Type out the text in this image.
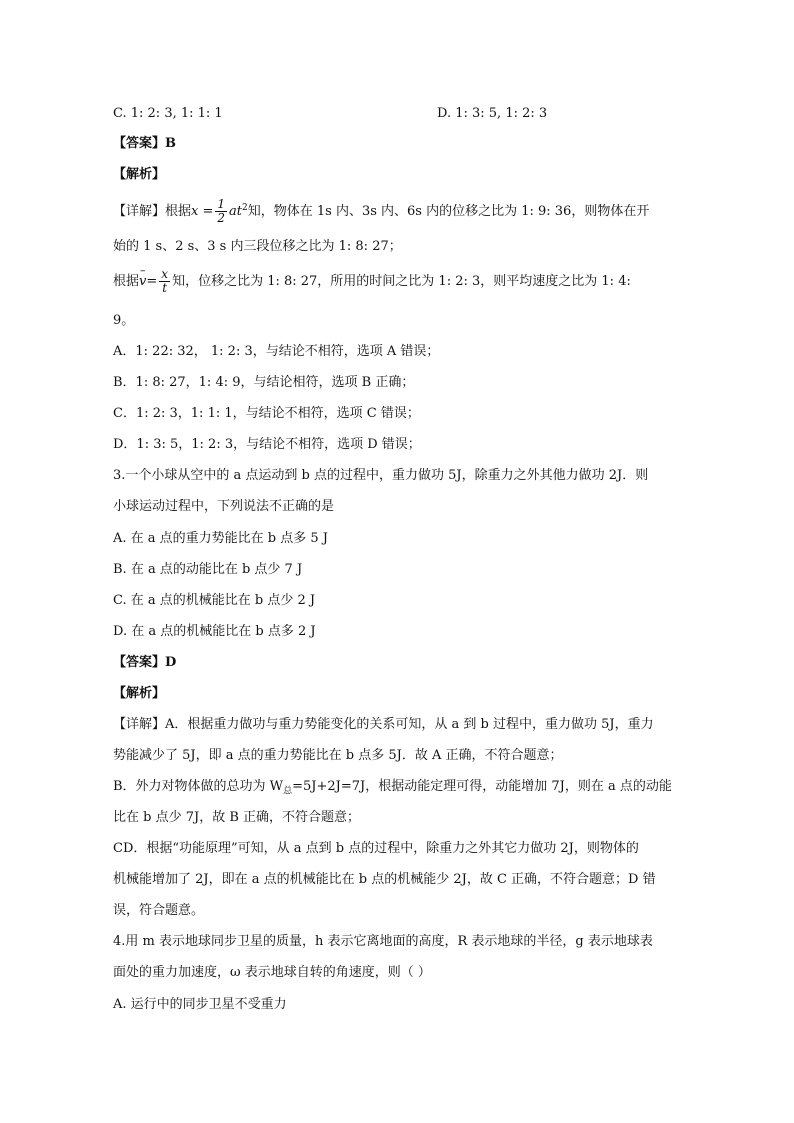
C. 1: 2: 3, 1: 1: 1	D. 1: 3: 5, 1: 2: 3
【答案】B
【解析】
【详解】根据$x = \frac{1}{2} at^2$知，物体在 1s 内、3s 内、6s 内的位移之比为 1: 9: 36，则物体在开
始的 1 s、2 s、3 s 内三段位移之比为 1: 8: 27；
根据– $v= \frac{x}{t}$ 知，位移之比为 1: 8: 27，所用的时间之比为 1: 2: 3，则平均速度之比为 1: 4:
9。
A．1: 22: 32， 1: 2: 3，与结论不相符，选项 A 错误；
B．1: 8: 27，1: 4: 9，与结论相符，选项 B 正确；
C．1: 2: 3，1: 1: 1，与结论不相符，选项 C 错误；
D．1: 3: 5，1: 2: 3，与结论不相符，选项 D 错误；
3.一个小球从空中的 a 点运动到 b 点的过程中，重力做功 5J，除重力之外其他力做功 2J．则
小球运动过程中，下列说法不正确的是
A. 在 a 点的重力势能比在 b 点多 5 J
B. 在 a 点的动能比在 b 点少 7 J
C. 在 a 点的机械能比在 b 点少 2 J
D. 在 a 点的机械能比在 b 点多 2 J
【答案】D
【解析】
【详解】A．根据重力做功与重力势能变化的关系可知，从 a 到 b 过程中，重力做功 5J，重力
势能减少了 5J，即 a 点的重力势能比在 b 点多 5J．故 A 正确，不符合题意；
B．外力对物体做的总功为 $W_总=5J+2J=7J$，根据动能定理可得，动能增加 7J，则在 a 点的动能
比在 b 点少 7J，故 B 正确，不符合题意；
CD．根据“功能原理”可知，从 a 点到 b 点的过程中，除重力之外其它力做功 2J，则物体的
机械能增加了 2J，即在 a 点的机械能比在 b 点的机械能少 2J，故 C 正确，不符合题意；D 错
误，符合题意。
4.用 m 表示地球同步卫星的质量，h 表示它离地面的高度，R 表示地球的半径，g 表示地球表
面处的重力加速度，ω 表示地球自转的角速度，则（ ）
A. 运行中的同步卫星不受重力
